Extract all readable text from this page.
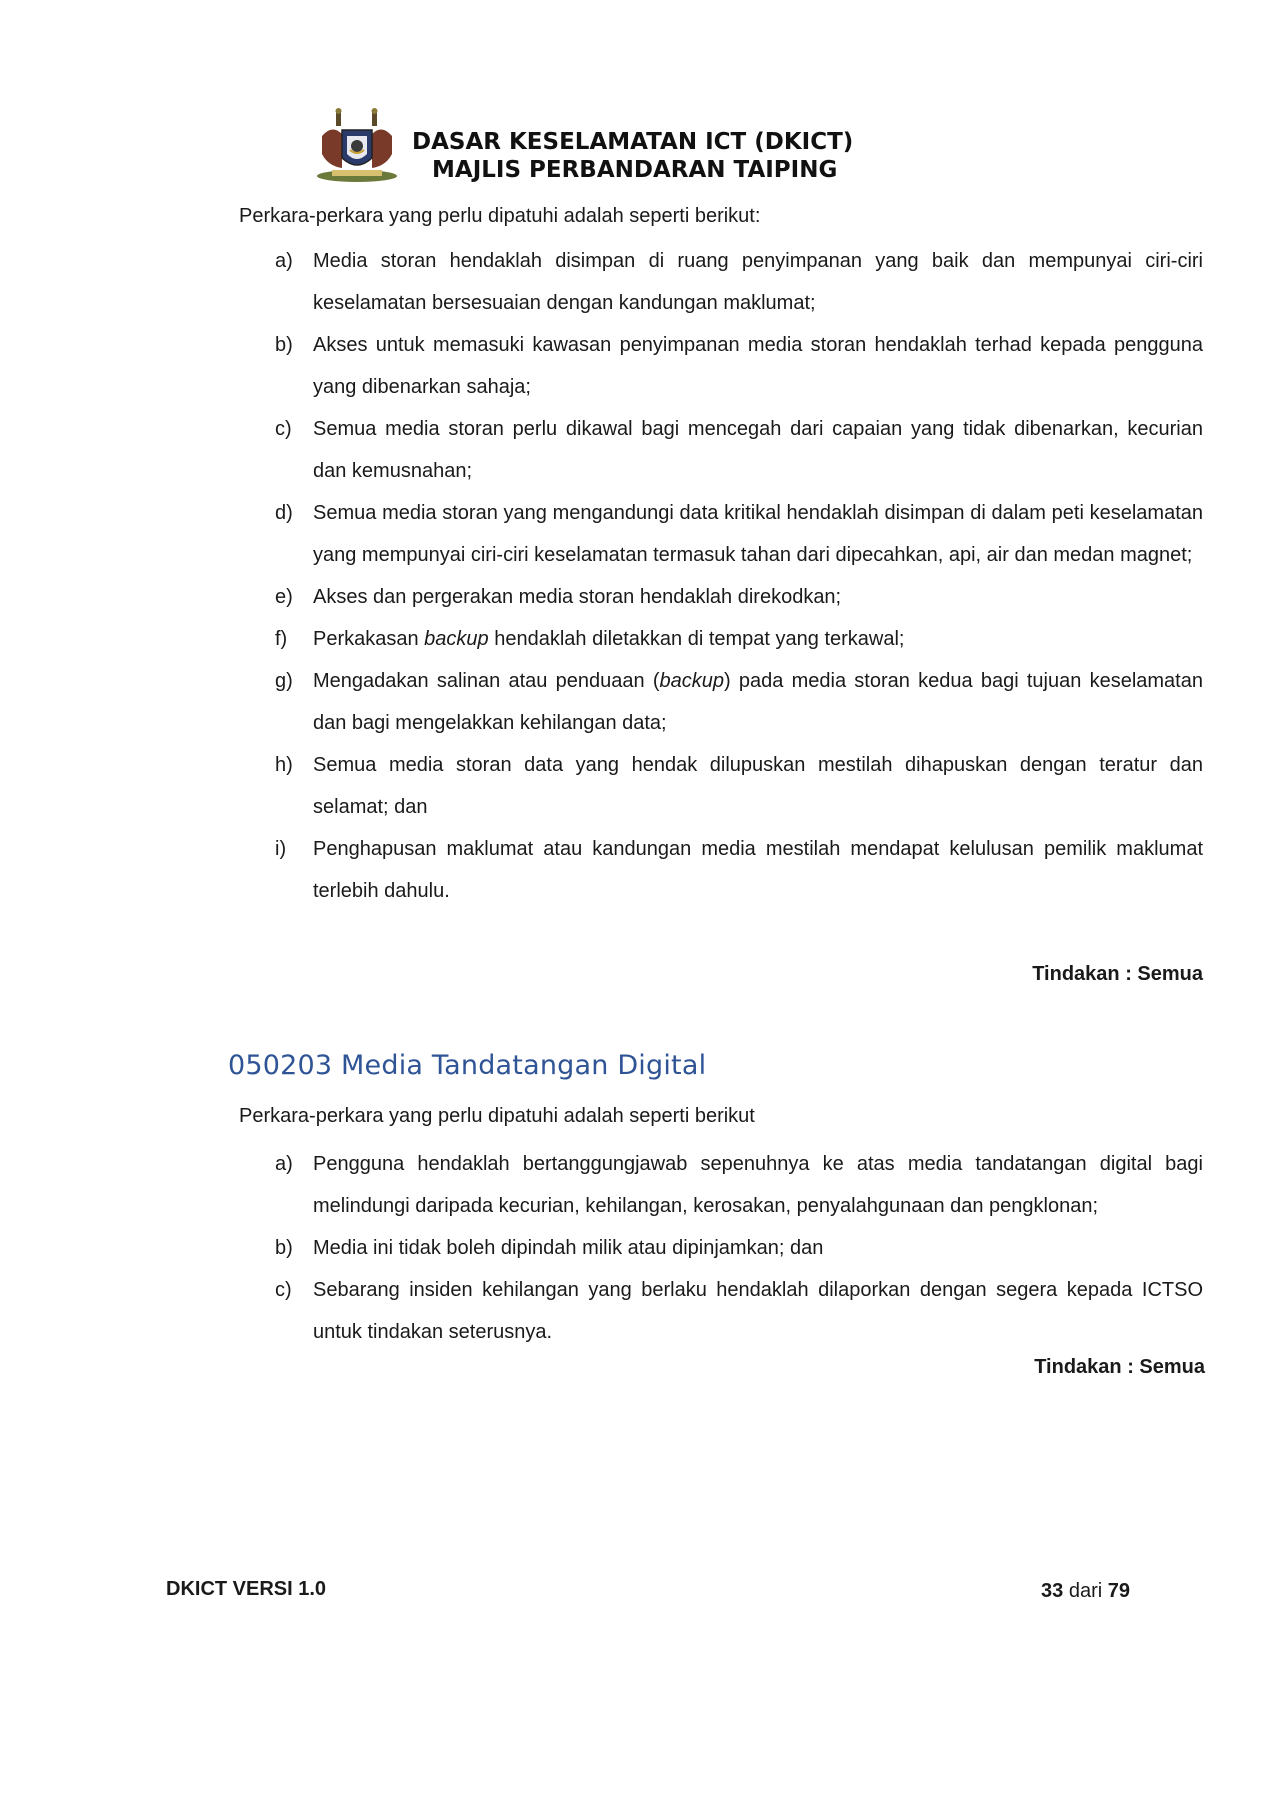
DASAR KESELAMATAN ICT (DKICT)
MAJLIS PERBANDARAN TAIPING
Perkara-perkara yang perlu dipatuhi adalah seperti berikut:
a) Media storan hendaklah disimpan di ruang penyimpanan yang baik dan mempunyai ciri-ciri keselamatan bersesuaian dengan kandungan maklumat;
b) Akses untuk memasuki kawasan penyimpanan media storan hendaklah terhad kepada pengguna yang dibenarkan sahaja;
c) Semua media storan perlu dikawal bagi mencegah dari capaian yang tidak dibenarkan, kecurian dan kemusnahan;
d) Semua media storan yang mengandungi data kritikal hendaklah disimpan di dalam peti keselamatan yang mempunyai ciri-ciri keselamatan termasuk tahan dari dipecahkan, api, air dan medan magnet;
e) Akses dan pergerakan media storan hendaklah direkodkan;
f) Perkakasan backup hendaklah diletakkan di tempat yang terkawal;
g) Mengadakan salinan atau penduaan (backup) pada media storan kedua bagi tujuan keselamatan dan bagi mengelakkan kehilangan data;
h) Semua media storan data yang hendak dilupuskan mestilah dihapuskan dengan teratur dan selamat; dan
i) Penghapusan maklumat atau kandungan media mestilah mendapat kelulusan pemilik maklumat terlebih dahulu.
Tindakan : Semua
050203 Media Tandatangan Digital
Perkara-perkara yang perlu dipatuhi adalah seperti berikut
a) Pengguna hendaklah bertanggungjawab sepenuhnya ke atas media tandatangan digital bagi melindungi daripada kecurian, kehilangan, kerosakan, penyalahgunaan dan pengklonan;
b) Media ini tidak boleh dipindah milik atau dipinjamkan; dan
c) Sebarang insiden kehilangan yang berlaku hendaklah dilaporkan dengan segera kepada ICTSO untuk tindakan seterusnya.
Tindakan : Semua
DKICT VERSI 1.0	33 dari 79
